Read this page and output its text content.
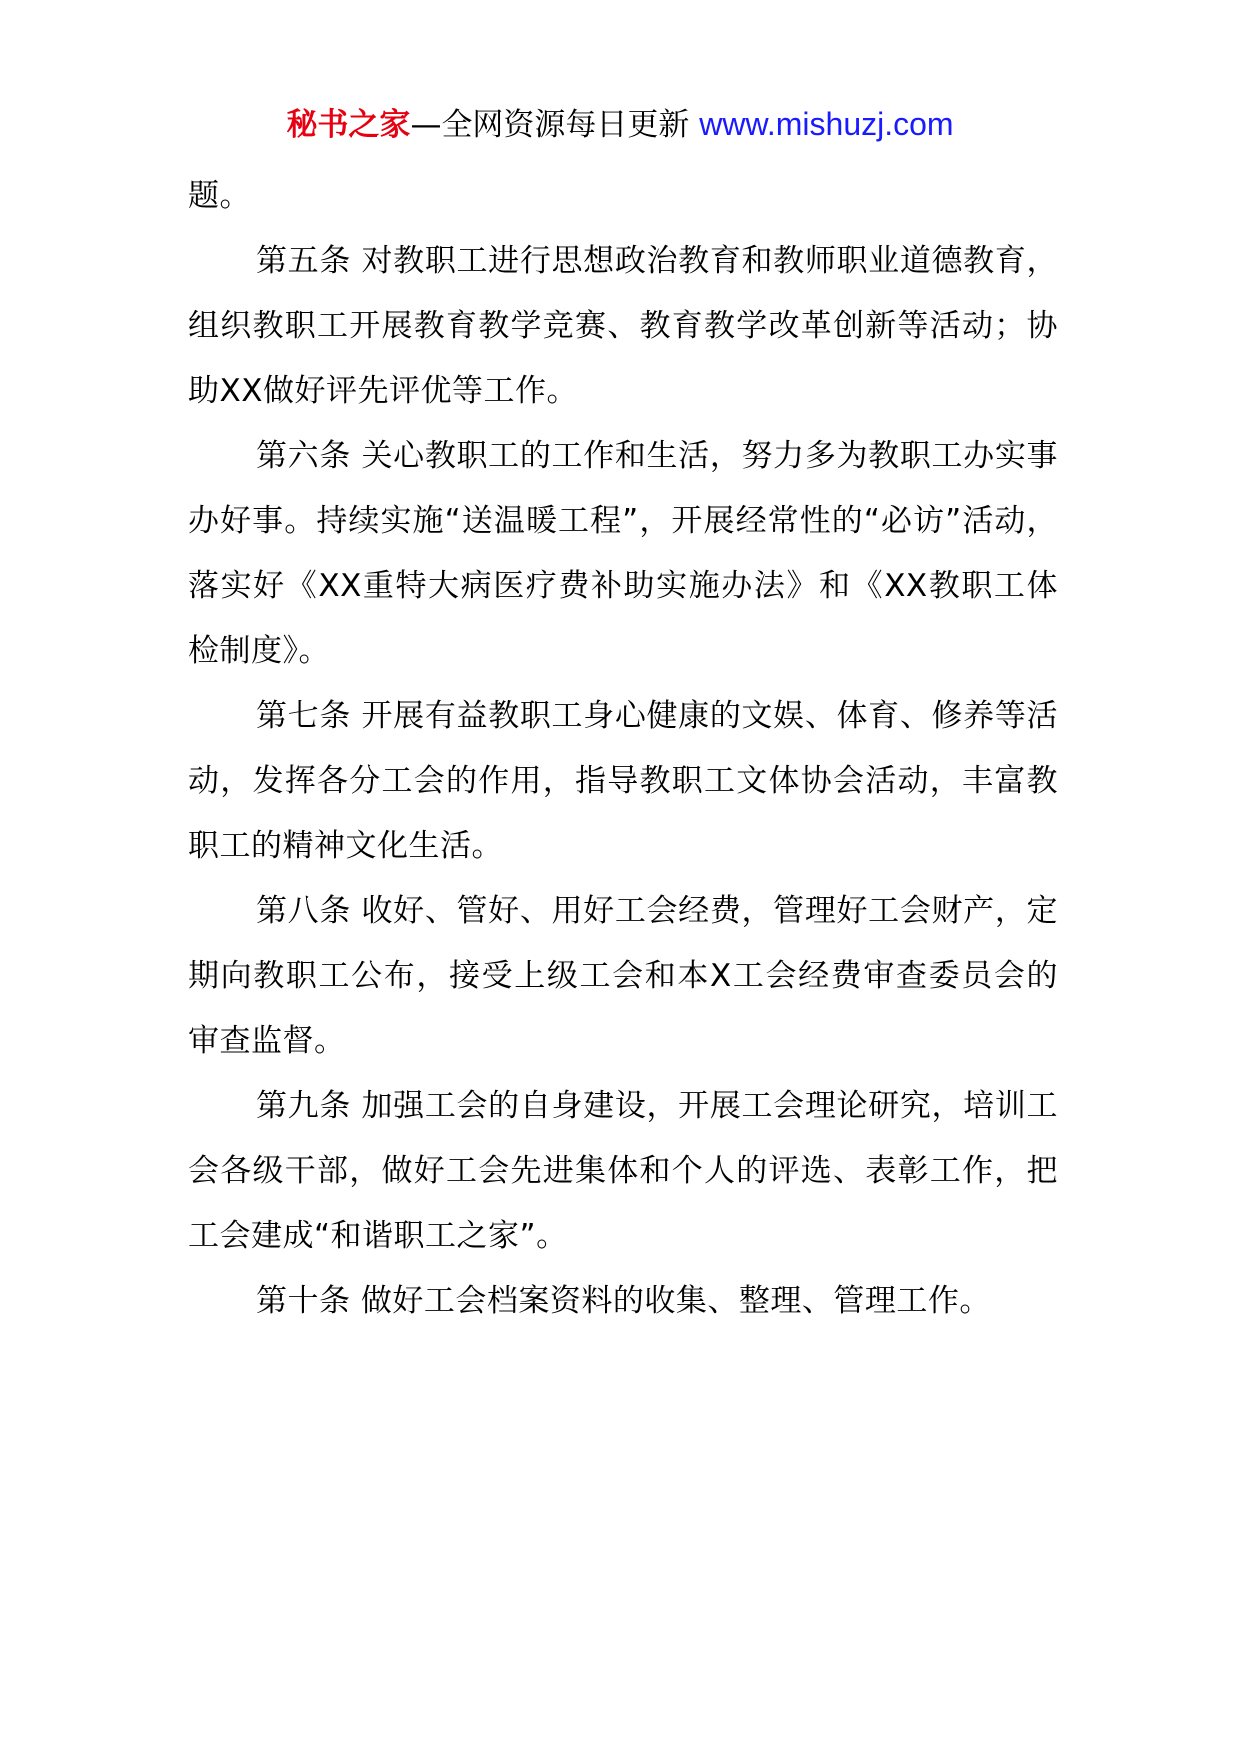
秘书之家—全网资源每日更新 www.mishuzj.com

题。

第五条 对教职工进行思想政治教育和教师职业道德教育，组织教职工开展教育教学竞赛、教育教学改革创新等活动；协助XX做好评先评优等工作。

第六条 关心教职工的工作和生活，努力多为教职工办实事办好事。持续实施“送温暖工程”，开展经常性的“必访”活动，落实好《XX重特大病医疗费补助实施办法》和《XX教职工体检制度》。

第七条 开展有益教职工身心健康的文娱、体育、修养等活动，发挥各分工会的作用，指导教职工文体协会活动，丰富教职工的精神文化生活。

第八条 收好、管好、用好工会经费，管理好工会财产，定期向教职工公布，接受上级工会和本X工会经费审查委员会的审查监督。

第九条 加强工会的自身建设，开展工会理论研究，培训工会各级干部，做好工会先进集体和个人的评选、表彰工作，把工会建成“和谐职工之家”。

第十条 做好工会档案资料的收集、整理、管理工作。
